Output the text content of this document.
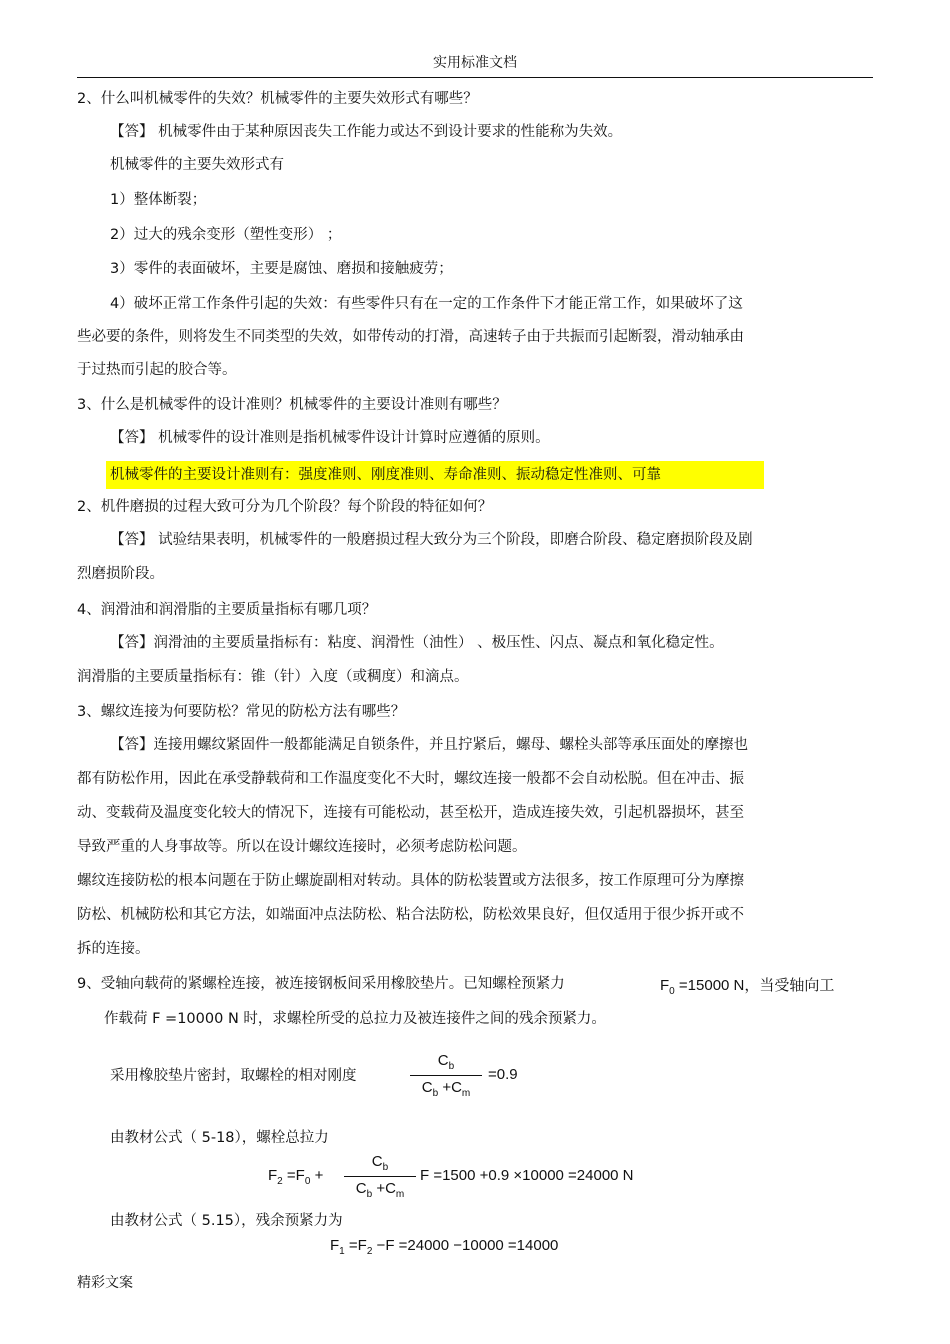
实用标准文档
2、什么叫机械零件的失效？机械零件的主要失效形式有哪些？
【答】 机械零件由于某种原因丧失工作能力或达不到设计要求的性能称为失效。
机械零件的主要失效形式有
1）整体断裂；
2）过大的残余变形（塑性变形） ；
3）零件的表面破坏，主要是腐蚀、磨损和接触疲劳；
4）破坏正常工作条件引起的失效：有些零件只有在一定的工作条件下才能正常工作，如果破坏了这
些必要的条件，则将发生不同类型的失效，如带传动的打滑，高速转子由于共振而引起断裂，滑动轴承由
于过热而引起的胶合等。
3、什么是机械零件的设计准则？机械零件的主要设计准则有哪些？
【答】 机械零件的设计准则是指机械零件设计计算时应遵循的原则。
机械零件的主要设计准则有：强度准则、刚度准则、寿命准则、振动稳定性准则、可靠
2、机件磨损的过程大致可分为几个阶段？每个阶段的特征如何？
【答】 试验结果表明，机械零件的一般磨损过程大致分为三个阶段，即磨合阶段、稳定磨损阶段及剧
烈磨损阶段。
4、润滑油和润滑脂的主要质量指标有哪几项？
【答】润滑油的主要质量指标有：粘度、润滑性（油性） 、极压性、闪点、凝点和氧化稳定性。
润滑脂的主要质量指标有：锥（针）入度（或稠度）和滴点。
3、螺纹连接为何要防松？常见的防松方法有哪些？
【答】连接用螺纹紧固件一般都能满足自锁条件，并且拧紧后，螺母、螺栓头部等承压面处的摩擦也
都有防松作用，因此在承受静载荷和工作温度变化不大时，螺纹连接一般都不会自动松脱。但在冲击、振
动、变载荷及温度变化较大的情况下，连接有可能松动，甚至松开，造成连接失效，引起机器损坏，甚至
导致严重的人身事故等。所以在设计螺纹连接时，必须考虑防松问题。
螺纹连接防松的根本问题在于防止螺旋副相对转动。具体的防松装置或方法很多，按工作原理可分为摩擦
防松、机械防松和其它方法，如端面冲点法防松、粘合法防松，防松效果良好，但仅适用于很少拆开或不
拆的连接。
9、受轴向载荷的紧螺栓连接，被连接钢板间采用橡胶垫片。已知螺栓预紧力	$F_0 =15000$ N，当受轴向工
作载荷 F =10000 N 时，求螺栓所受的总拉力及被连接件之间的残余预紧力。
采用橡胶垫片密封，取螺栓的相对刚度
$C_b$
$C_b +C_m$
=0.9
由教材公式（ 5-18），螺栓总拉力
$F_2 =F_0$ +
$C_b$
$C_b +C_m$
F =1500 +0.9 ×10000 =24000 N
由教材公式（ 5.15），残余预紧力为
$F_1 =F_2 -F =24000 -10000 =14000$
精彩文案
